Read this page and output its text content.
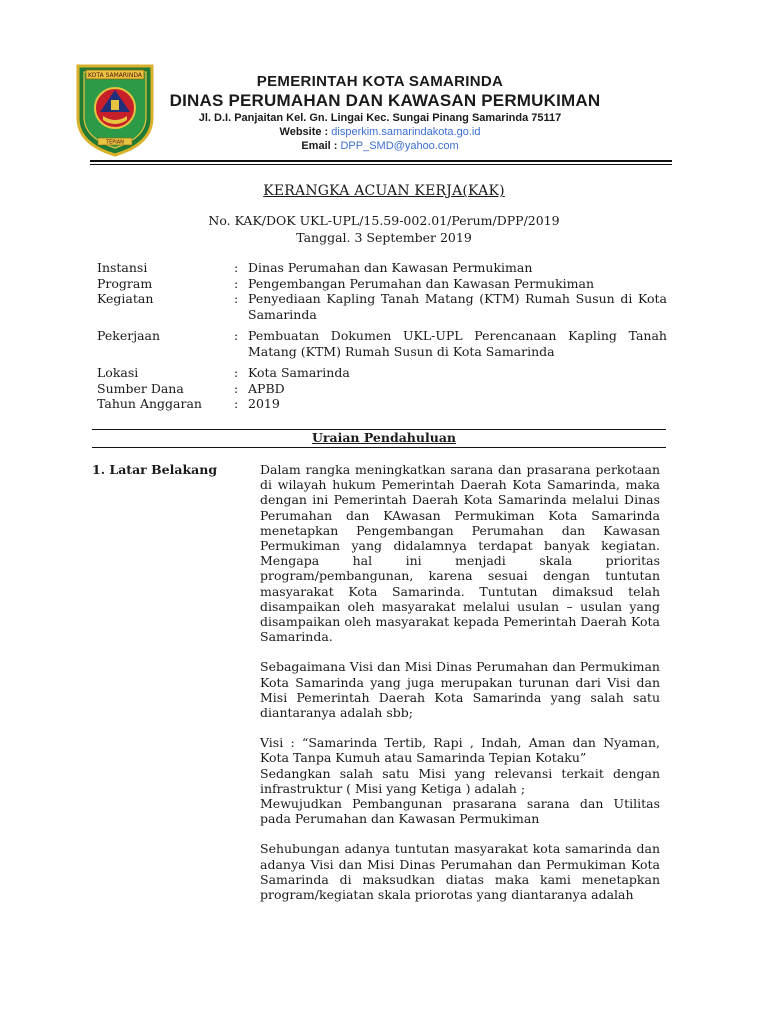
KOTA SAMARINDA
TEPIAN
PEMERINTAH KOTA SAMARINDA
DINAS PERUMAHAN DAN KAWASAN PERMUKIMAN
Jl. D.I. Panjaitan Kel. Gn. Lingai Kec. Sungai Pinang Samarinda 75117
Website : disperkim.samarindakota.go.id
Email : DPP_SMD@yahoo.com
KERANGKA ACUAN KERJA(KAK)
No. KAK/DOK UKL-UPL/15.59-002.01/Perum/DPP/2019
Tanggal. 3 September 2019
Instansi	: Dinas Perumahan dan Kawasan Permukiman
Program	: Pengembangan Perumahan dan Kawasan Permukiman
Kegiatan	: Penyediaan Kapling Tanah Matang (KTM) Rumah Susun di Kota Samarinda
Pekerjaan	: Pembuatan Dokumen UKL-UPL Perencanaan Kapling Tanah Matang (KTM) Rumah Susun di Kota Samarinda
Lokasi	: Kota Samarinda
Sumber Dana	: APBD
Tahun Anggaran	: 2019
Uraian Pendahuluan
1. Latar Belakang	Dalam rangka meningkatkan sarana dan prasarana perkotaan di wilayah hukum Pemerintah Daerah Kota Samarinda, maka dengan ini Pemerintah Daerah Kota Samarinda melalui Dinas Perumahan dan KAwasan Permukiman Kota Samarinda menetapkan Pengembangan Perumahan dan Kawasan Permukiman yang didalamnya terdapat banyak kegiatan. Mengapa hal ini menjadi skala prioritas program/pembangunan, karena sesuai dengan tuntutan masyarakat Kota Samarinda. Tuntutan dimaksud telah disampaikan oleh masyarakat melalui usulan – usulan yang disampaikan oleh masyarakat kepada Pemerintah Daerah Kota Samarinda.

Sebagaimana Visi dan Misi Dinas Perumahan dan Permukiman Kota Samarinda yang juga merupakan turunan dari Visi dan Misi Pemerintah Daerah Kota Samarinda yang salah satu diantaranya adalah sbb;

Visi : “Samarinda Tertib, Rapi , Indah, Aman dan Nyaman, Kota Tanpa Kumuh atau Samarinda Tepian Kotaku”

Sedangkan salah satu Misi yang relevansi terkait dengan infrastruktur ( Misi yang Ketiga ) adalah ;

Mewujudkan Pembangunan prasarana sarana dan Utilitas pada Perumahan dan Kawasan Permukiman

Sehubungan adanya tuntutan masyarakat kota samarinda dan adanya Visi dan Misi Dinas Perumahan dan Permukiman Kota Samarinda di maksudkan diatas maka kami menetapkan program/kegiatan skala priorotas yang diantaranya adalah
